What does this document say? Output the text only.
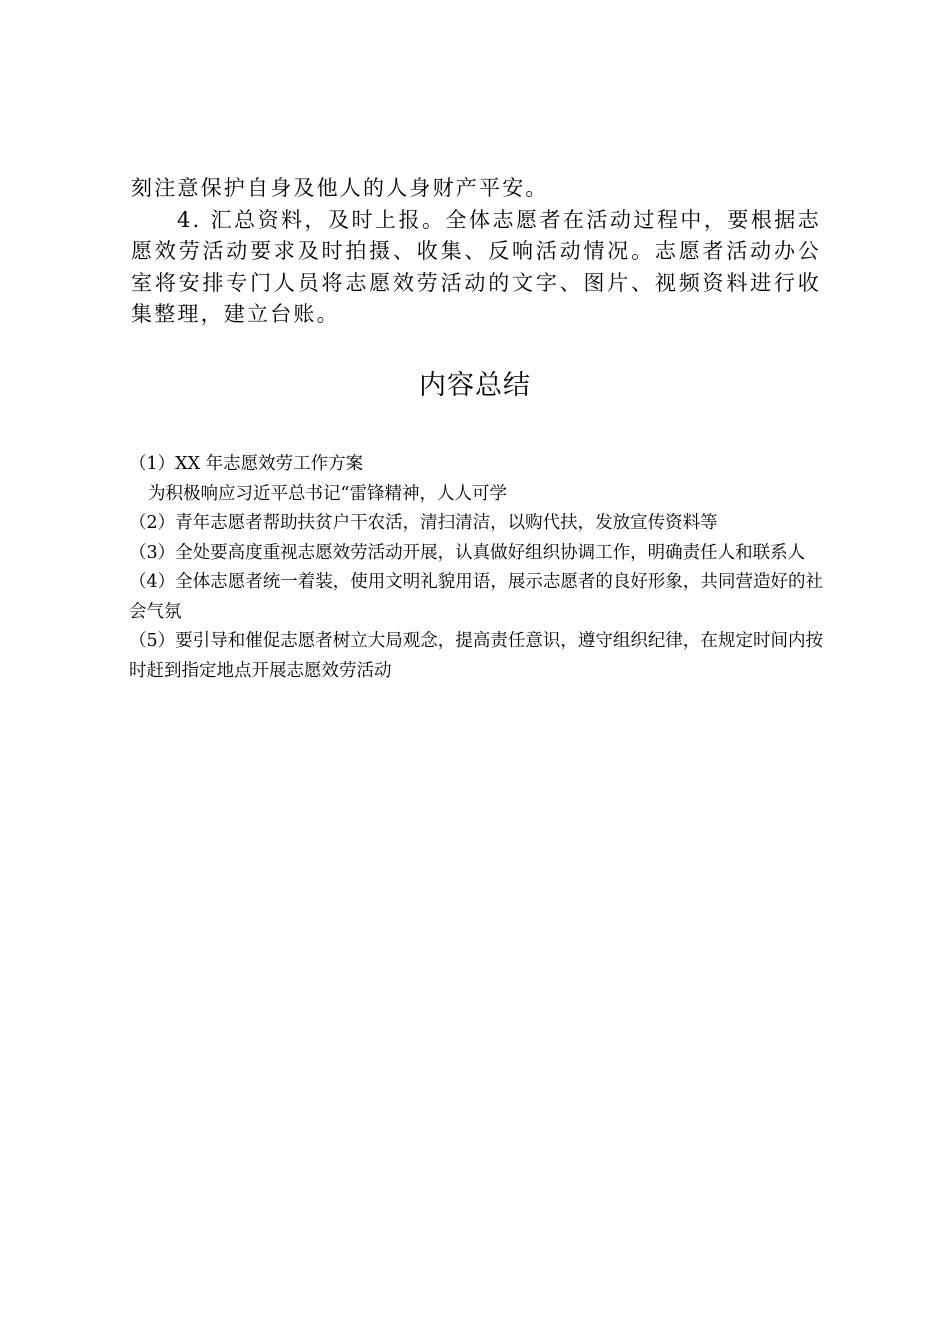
刻注意保护自身及他人的人身财产平安。

4. 汇总资料，及时上报。全体志愿者在活动过程中，要根据志愿效劳活动要求及时拍摄、收集、反响活动情况。志愿者活动办公室将安排专门人员将志愿效劳活动的文字、图片、视频资料进行收集整理，建立台账。

内容总结

（1）XX 年志愿效劳工作方案

为积极响应习近平总书记“雷锋精神，人人可学

（2）青年志愿者帮助扶贫户干农活，清扫清洁，以购代扶，发放宣传资料等

（3）全处要高度重视志愿效劳活动开展，认真做好组织协调工作，明确责任人和联系人

（4）全体志愿者统一着装，使用文明礼貌用语，展示志愿者的良好形象，共同营造好的社会气氛

（5）要引导和催促志愿者树立大局观念，提高责任意识，遵守组织纪律，在规定时间内按时赶到指定地点开展志愿效劳活动
